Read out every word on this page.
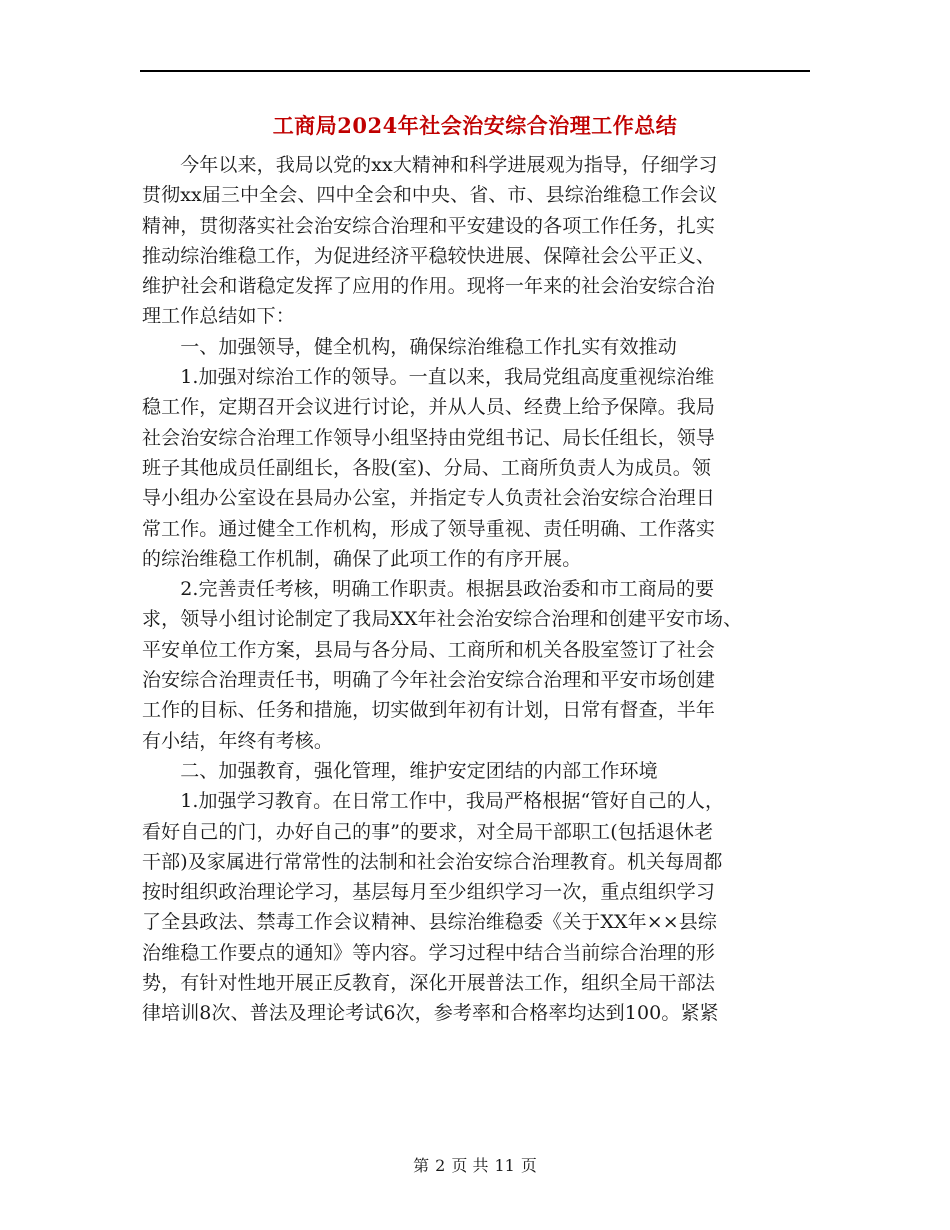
工商局2024年社会治安综合治理工作总结
　　今年以来，我局以党的xx大精神和科学进展观为指导，仔细学习
贯彻xx届三中全会、四中全会和中央、省、市、县综治维稳工作会议
精神，贯彻落实社会治安综合治理和平安建设的各项工作任务，扎实
推动综治维稳工作，为促进经济平稳较快进展、保障社会公平正义、
维护社会和谐稳定发挥了应用的作用。现将一年来的社会治安综合治
理工作总结如下：
　　一、加强领导，健全机构，确保综治维稳工作扎实有效推动
　　1.加强对综治工作的领导。一直以来，我局党组高度重视综治维
稳工作，定期召开会议进行讨论，并从人员、经费上给予保障。我局
社会治安综合治理工作领导小组坚持由党组书记、局长任组长，领导
班子其他成员任副组长，各股(室)、分局、工商所负责人为成员。领
导小组办公室设在县局办公室，并指定专人负责社会治安综合治理日
常工作。通过健全工作机构，形成了领导重视、责任明确、工作落实
的综治维稳工作机制，确保了此项工作的有序开展。
　　2.完善责任考核，明确工作职责。根据县政治委和市工商局的要
求，领导小组讨论制定了我局XX年社会治安综合治理和创建平安市场、
平安单位工作方案，县局与各分局、工商所和机关各股室签订了社会
治安综合治理责任书，明确了今年社会治安综合治理和平安市场创建
工作的目标、任务和措施，切实做到年初有计划，日常有督查，半年
有小结，年终有考核。
　　二、加强教育，强化管理，维护安定团结的内部工作环境
　　1.加强学习教育。在日常工作中，我局严格根据“管好自己的人，
看好自己的门，办好自己的事”的要求，对全局干部职工(包括退休老
干部)及家属进行常常性的法制和社会治安综合治理教育。机关每周都
按时组织政治理论学习，基层每月至少组织学习一次，重点组织学习
了全县政法、禁毒工作会议精神、县综治维稳委《关于XX年××县综
治维稳工作要点的通知》等内容。学习过程中结合当前综合治理的形
势，有针对性地开展正反教育，深化开展普法工作，组织全局干部法
律培训8次、普法及理论考试6次，参考率和合格率均达到100。紧紧
第 2 页 共 11 页
